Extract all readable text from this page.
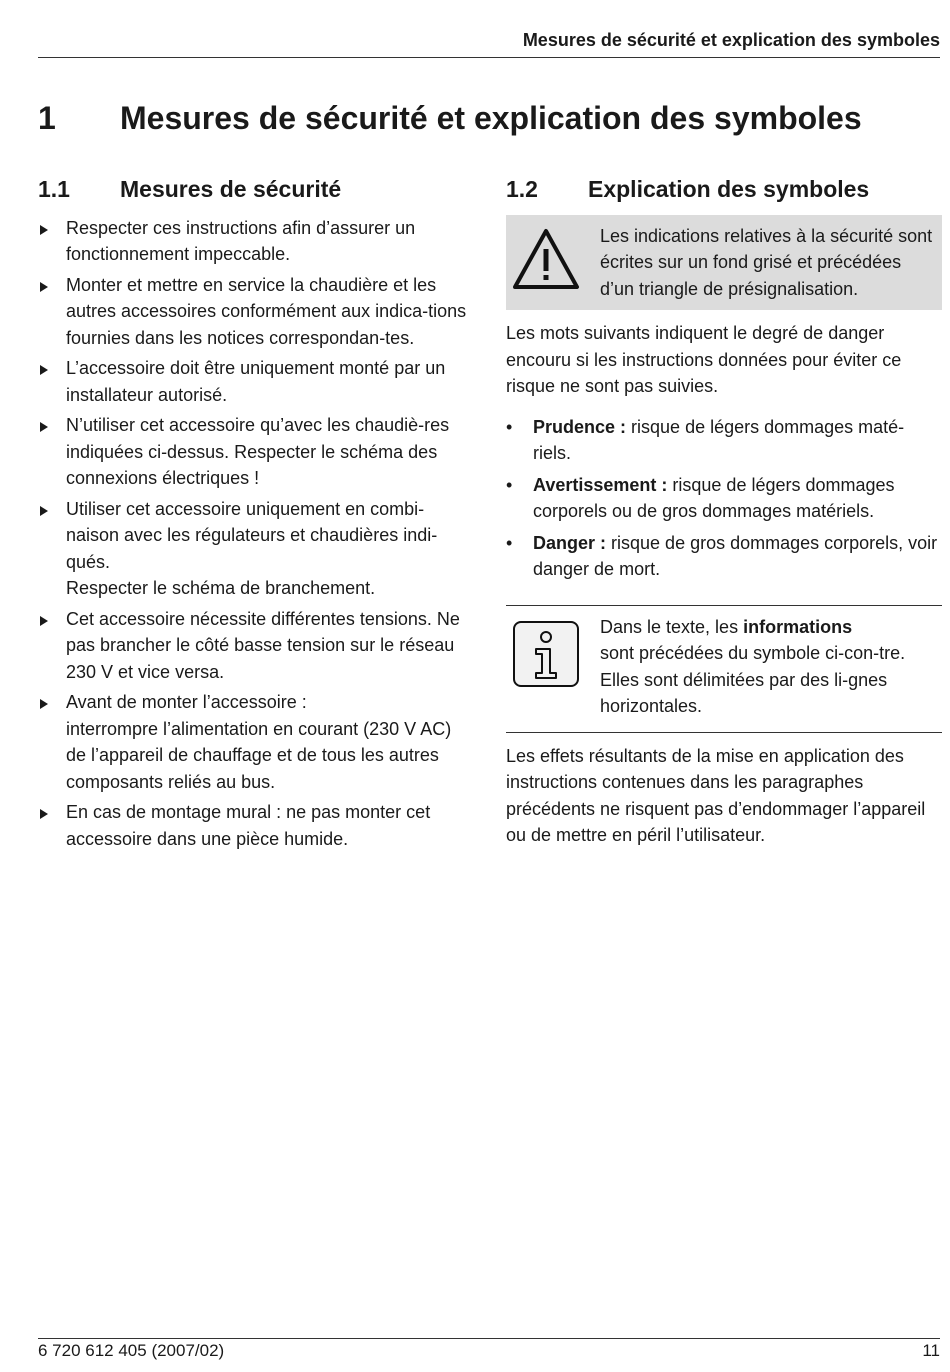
Mesures de sécurité et explication des symboles
1	Mesures de sécurité et explication des symboles
1.1	Mesures de sécurité
Respecter ces instructions afin d’assurer un fonctionnement impeccable.
Monter et mettre en service la chaudière et les autres accessoires conformément aux indica-tions fournies dans les notices correspondan-tes.
L’accessoire doit être uniquement monté par un installateur autorisé.
N’utiliser cet accessoire qu’avec les chaudiè-res indiquées ci-dessus. Respecter le schéma des connexions électriques !
Utiliser cet accessoire uniquement en combi-naison avec les régulateurs et chaudières indi-qués.
Respecter le schéma de branchement.
Cet accessoire nécessite différentes tensions. Ne pas brancher le côté basse tension sur le réseau 230 V et vice versa.
Avant de monter l’accessoire :
interrompre l’alimentation en courant (230 V AC) de l’appareil de chauffage et de tous les autres composants reliés au bus.
En cas de montage mural : ne pas monter cet accessoire dans une pièce humide.
1.2	Explication des symboles
Les indications relatives à la sécurité sont écrites sur un fond grisé et précédées d’un triangle de présignalisation.

Les mots suivants indiquent le degré de danger encouru si les instructions données pour éviter ce risque ne sont pas suivies.

• Prudence : risque de légers dommages maté-riels.
• Avertissement : risque de légers dommages corporels ou de gros dommages matériels.
• Danger : risque de gros dommages corporels, voir danger de mort.
Dans le texte, les informations
sont précédées du symbole ci-con-tre. Elles sont délimitées par des li-gnes horizontales.

Les effets résultants de la mise en application des instructions contenues dans les paragraphes précédents ne risquent pas d’endommager l’appareil ou de mettre en péril l’utilisateur.

6 720 612 405 (2007/02)	11
